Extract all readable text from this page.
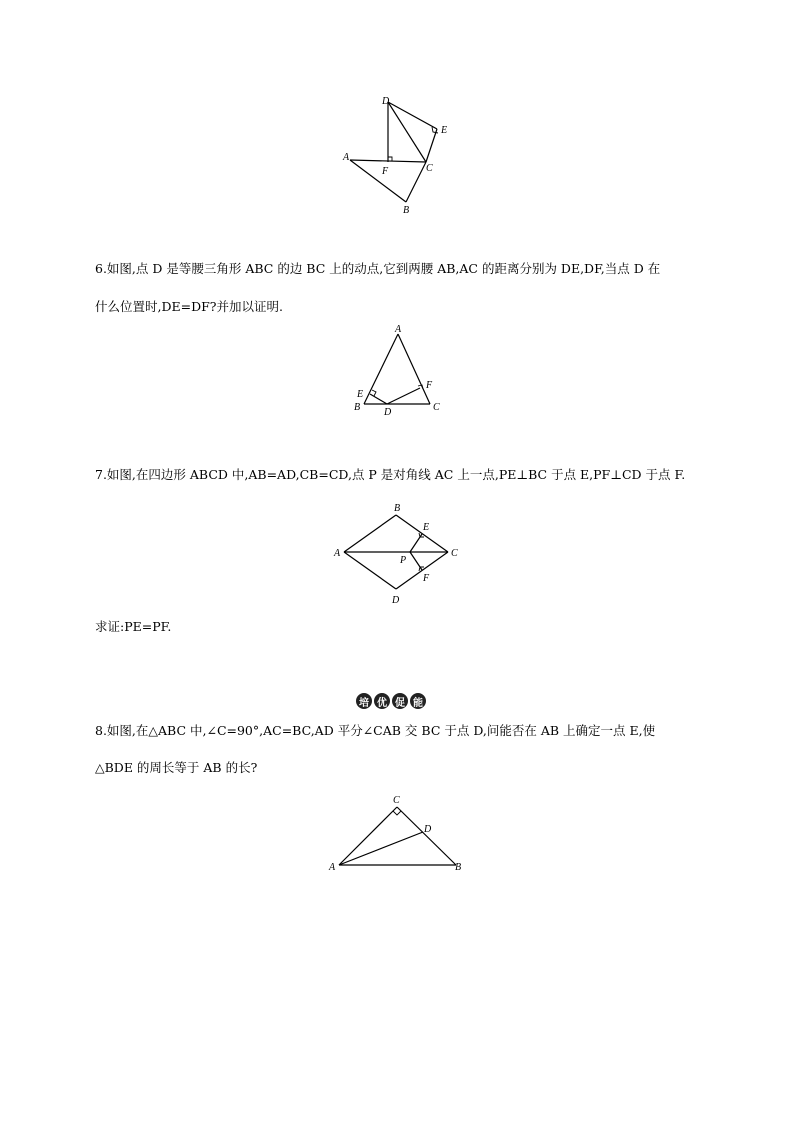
D
E
A
F	C
B
6.如图,点 D 是等腰三角形 ABC 的边 BC 上的动点,它到两腰 AB,AC 的距离分别为 DE,DF,当点 D 在
什么位置时,DE=DF?并加以证明.
A
E
F
B D	C
7.如图,在四边形 ABCD 中,AB=AD,CB=CD,点 P 是对角线 AC 上一点,PE⊥BC 于点 E,PF⊥CD 于点 F.
B
E
A
P
C
F
D
求证:PE=PF.
培 优 促 能
8.如图,在△ABC 中,∠C=90°,AC=BC,AD 平分∠CAB 交 BC 于点 D,问能否在 AB 上确定一点 E,使
△BDE 的周长等于 AB 的长?
C
D
A	B
